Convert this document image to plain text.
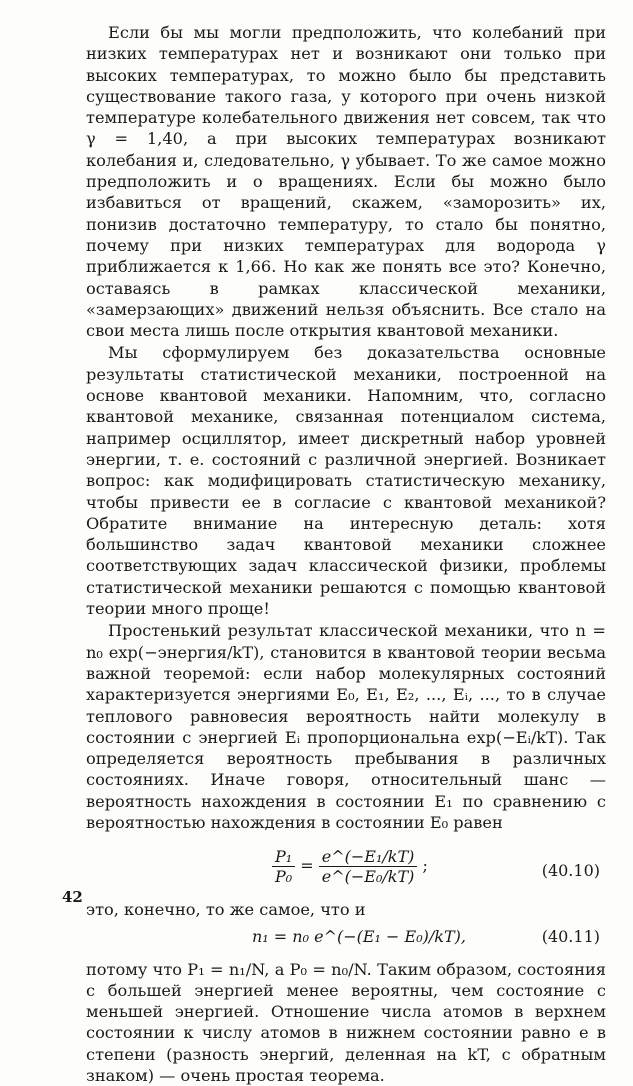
Если бы мы могли предположить, что колебаний при низких температурах нет и возникают они только при высоких температурах, то можно было бы представить существование такого газа, у которого при очень низкой температуре колебательного движения нет совсем, так что γ = 1,40, а при высоких температурах возникают колебания и, следовательно, γ убывает. То же самое можно предположить и о вращениях. Если бы можно было избавиться от вращений, скажем, «заморозить» их, понизив достаточно температуру, то стало бы понятно, почему при низких температурах для водорода γ приближается к 1,66. Но как же понять все это? Конечно, оставаясь в рамках классической механики, «замерзающих» движений нельзя объяснить. Все стало на свои места лишь после открытия квантовой механики.

Мы сформулируем без доказательства основные результаты статистической механики, построенной на основе квантовой механики. Напомним, что, согласно квантовой механике, связанная потенциалом система, например осциллятор, имеет дискретный набор уровней энергии, т. е. состояний с различной энергией. Возникает вопрос: как модифицировать статистическую механику, чтобы привести ее в согласие с квантовой механикой? Обратите внимание на интересную деталь: хотя большинство задач квантовой механики сложнее соответствующих задач классической физики, проблемы статистической механики решаются с помощью квантовой теории много проще!

Простенький результат классической механики, что n = n₀ exp(−энергия/kT), становится в квантовой теории весьма важной теоремой: если набор молекулярных состояний характеризуется энергиями E₀, E₁, E₂, ..., Eᵢ, ..., то в случае теплового равновесия вероятность найти молекулу в состоянии с энергией Eᵢ пропорциональна exp(−Eᵢ/kT). Так определяется вероятность пребывания в различных состояниях. Иначе говоря, относительный шанс — вероятность нахождения в состоянии E₁ по сравнению с вероятностью нахождения в состоянии E₀ равен

$\frac{\text{P₁}}{\text{P₀}} = \frac{\text{e\textasciicircum{}(−E₁/kT)}}{\text{e\textasciicircum{}(−E₀/kT)}}$ ;	(40.10)

это, конечно, то же самое, что и

n₁ = n₀ e^(−(E₁ − E₀)/kT),	(40.11)

потому что P₁ = n₁/N, а P₀ = n₀/N. Таким образом, состояния с большей энергией менее вероятны, чем состояние с меньшей энергией. Отношение числа атомов в верхнем состоянии к числу атомов в нижнем состоянии равно e в степени (разность энергий, деленная на kT, с обратным знаком) — очень простая теорема.

42
